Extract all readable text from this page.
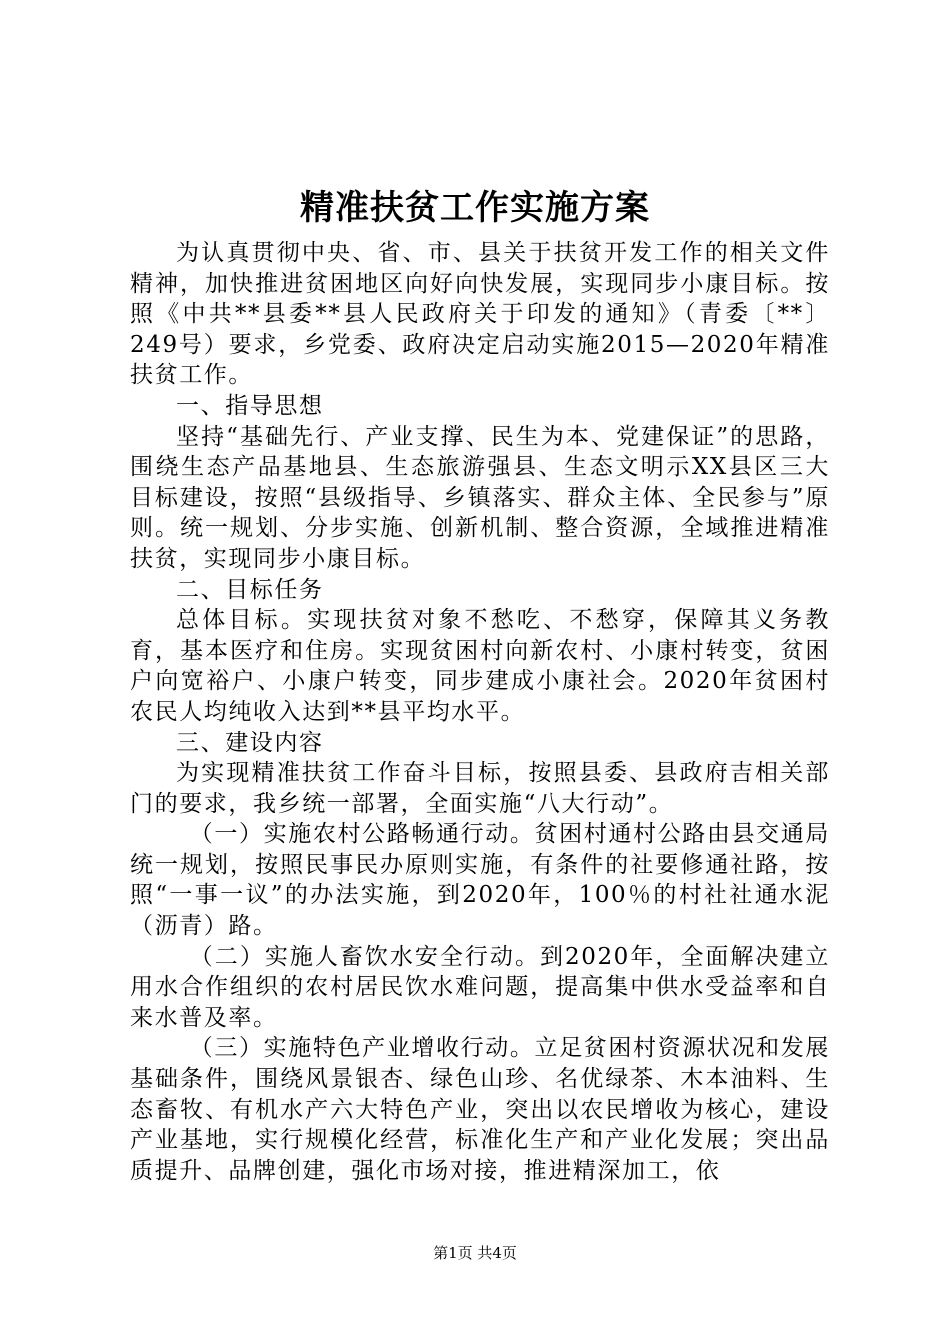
精准扶贫工作实施方案

为认真贯彻中央、省、市、县关于扶贫开发工作的相关文件精神，加快推进贫困地区向好向快发展，实现同步小康目标。按照《中共**县委**县人民政府关于印发的通知》（青委〔**〕249号）要求，乡党委、政府决定启动实施2015—2020年精准扶贫工作。

一、指导思想

坚持“基础先行、产业支撑、民生为本、党建保证”的思路，围绕生态产品基地县、生态旅游强县、生态文明示XX县区三大目标建设，按照“县级指导、乡镇落实、群众主体、全民参与”原则。统一规划、分步实施、创新机制、整合资源，全域推进精准扶贫，实现同步小康目标。

二、目标任务

总体目标。实现扶贫对象不愁吃、不愁穿，保障其义务教育，基本医疗和住房。实现贫困村向新农村、小康村转变，贫困户向宽裕户、小康户转变，同步建成小康社会。2020年贫困村农民人均纯收入达到**县平均水平。

三、建设内容

为实现精准扶贫工作奋斗目标，按照县委、县政府吉相关部门的要求，我乡统一部署，全面实施“八大行动”。

（一）实施农村公路畅通行动。贫困村通村公路由县交通局统一规划，按照民事民办原则实施，有条件的社要修通社路，按照“一事一议”的办法实施，到2020年，100％的村社社通水泥（沥青）路。

（二）实施人畜饮水安全行动。到2020年，全面解决建立用水合作组织的农村居民饮水难问题，提高集中供水受益率和自来水普及率。

（三）实施特色产业增收行动。立足贫困村资源状况和发展基础条件，围绕风景银杏、绿色山珍、名优绿茶、木本油料、生态畜牧、有机水产六大特色产业，突出以农民增收为核心，建设产业基地，实行规模化经营，标准化生产和产业化发展；突出品质提升、品牌创建，强化市场对接，推进精深加工，依

第1页 共4页
